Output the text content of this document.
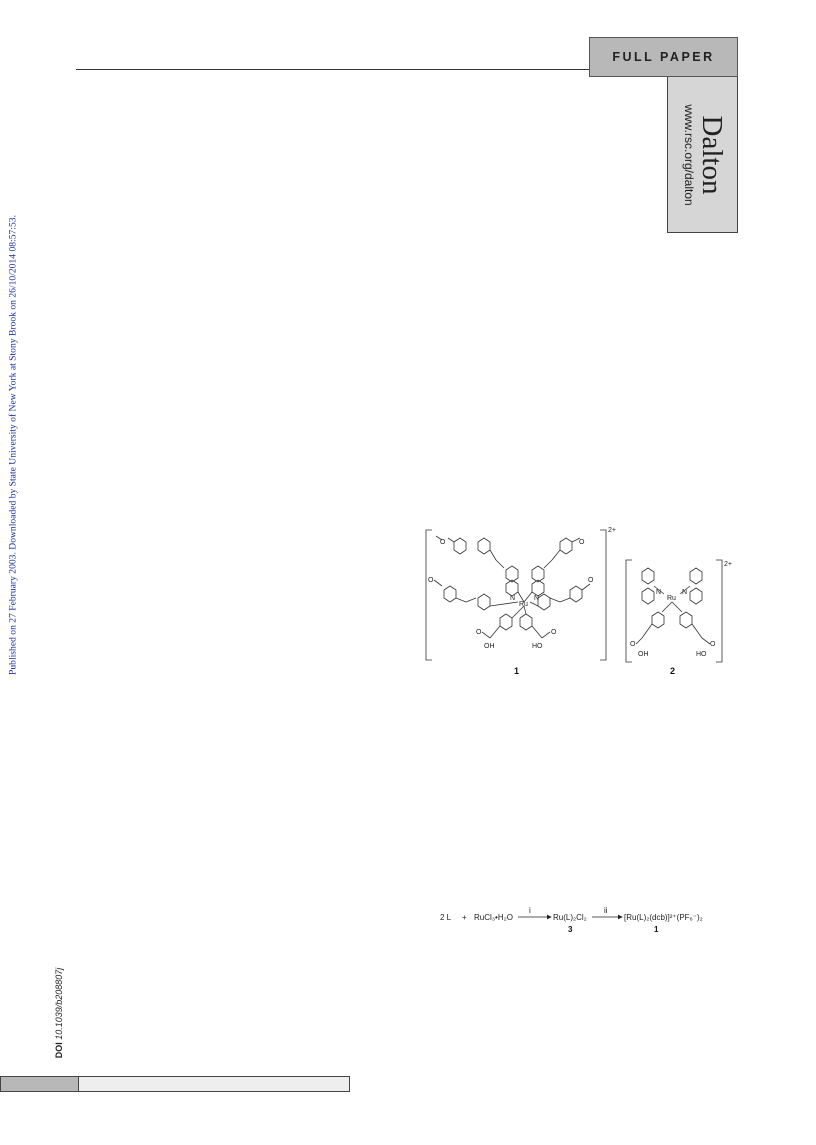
FULL PAPER
Dalton
www.rsc.org/dalton
Published on 27 February 2003. Downloaded by State University of New York at Stony Brook on 26/10/2014 08:57:53.
DOI 10.1039/b208807j
2+
2+
Ru
Ru
N	N
N	N
O
O
O
O
O	O
OH	HO	O	O
OH	HO
1	2
2 L + RuCl₃•H₂O
i
Ru(L)₂Cl₂
ii
[Ru(L)₂(dcb)]²⁺(PF₆⁻)₂
3	1
